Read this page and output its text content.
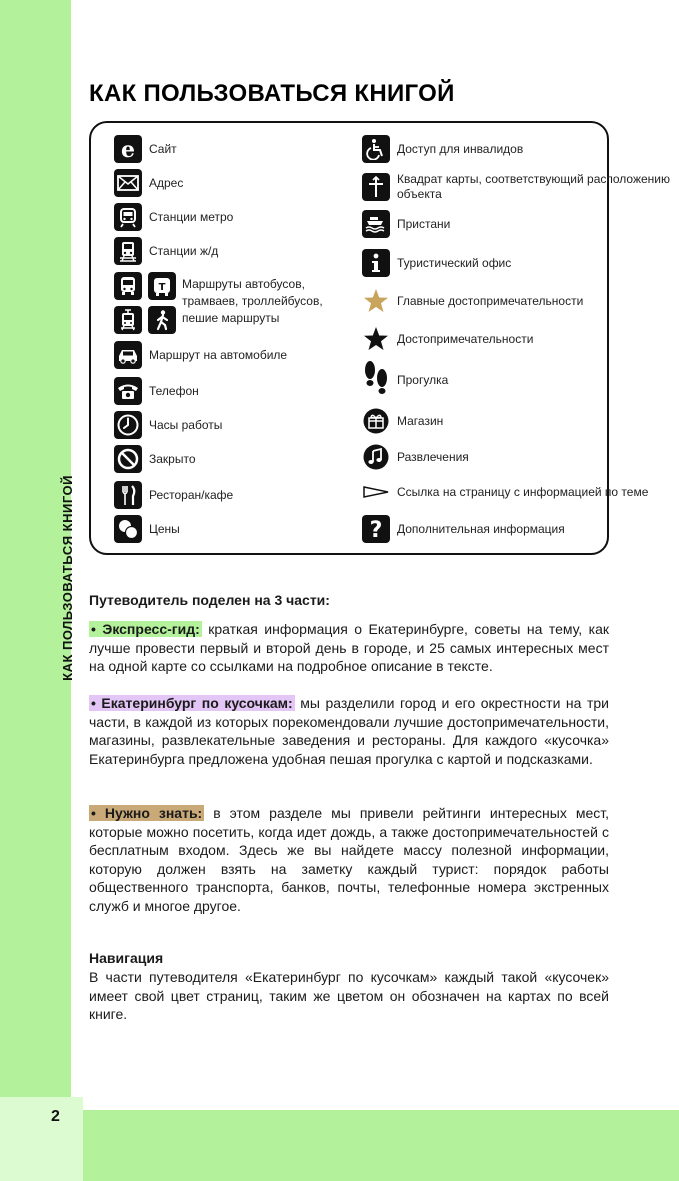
КАК ПОЛЬЗОВАТЬСЯ КНИГОЙ
2
КАК ПОЛЬЗОВАТЬСЯ КНИГОЙ
e Сайт
Адрес
Станции метро
Станции ж/д
T Маршруты автобусов, трамваев, троллейбусов, пешие маршруты
Маршрут на автомобиле
Телефон
Часы работы
Закрыто
Ресторан/кафе
Цены
Доступ для инвалидов
Квадрат карты, соответствующий расположению объекта
Пристани
Туристический офис
Главные достопримечательности
Достопримечательности
Прогулка
Магазин
Развлечения
Ссылка на страницу с информацией по теме
? Дополнительная информация
Путеводитель поделен на 3 части:

• Экспресс-гид: краткая информация о Екатеринбурге, советы на тему, как лучше провести первый и второй день в городе, и 25 самых интересных мест на одной карте со ссылками на подробное описание в тексте.

• Екатеринбург по кусочкам: мы разделили город и его окрестности на три части, в каждой из которых порекомендовали лучшие достопримечательности, магазины, развлекательные заведения и рестораны. Для каждого «кусочка» Екатеринбурга предложена удобная пешая прогулка с картой и подсказками.

• Нужно знать: в этом разделе мы привели рейтинги интересных мест, которые можно посетить, когда идет дождь, а также достопримечательностей с бесплатным входом. Здесь же вы найдете массу полезной информации, которую должен взять на заметку каждый турист: порядок работы общественного транспорта, банков, почты, телефонные номера экстренных служб и многое другое.

Навигация

В части путеводителя «Екатеринбург по кусочкам» каждый такой «кусочек» имеет свой цвет страниц, таким же цветом он обозначен на картах по всей книге.
